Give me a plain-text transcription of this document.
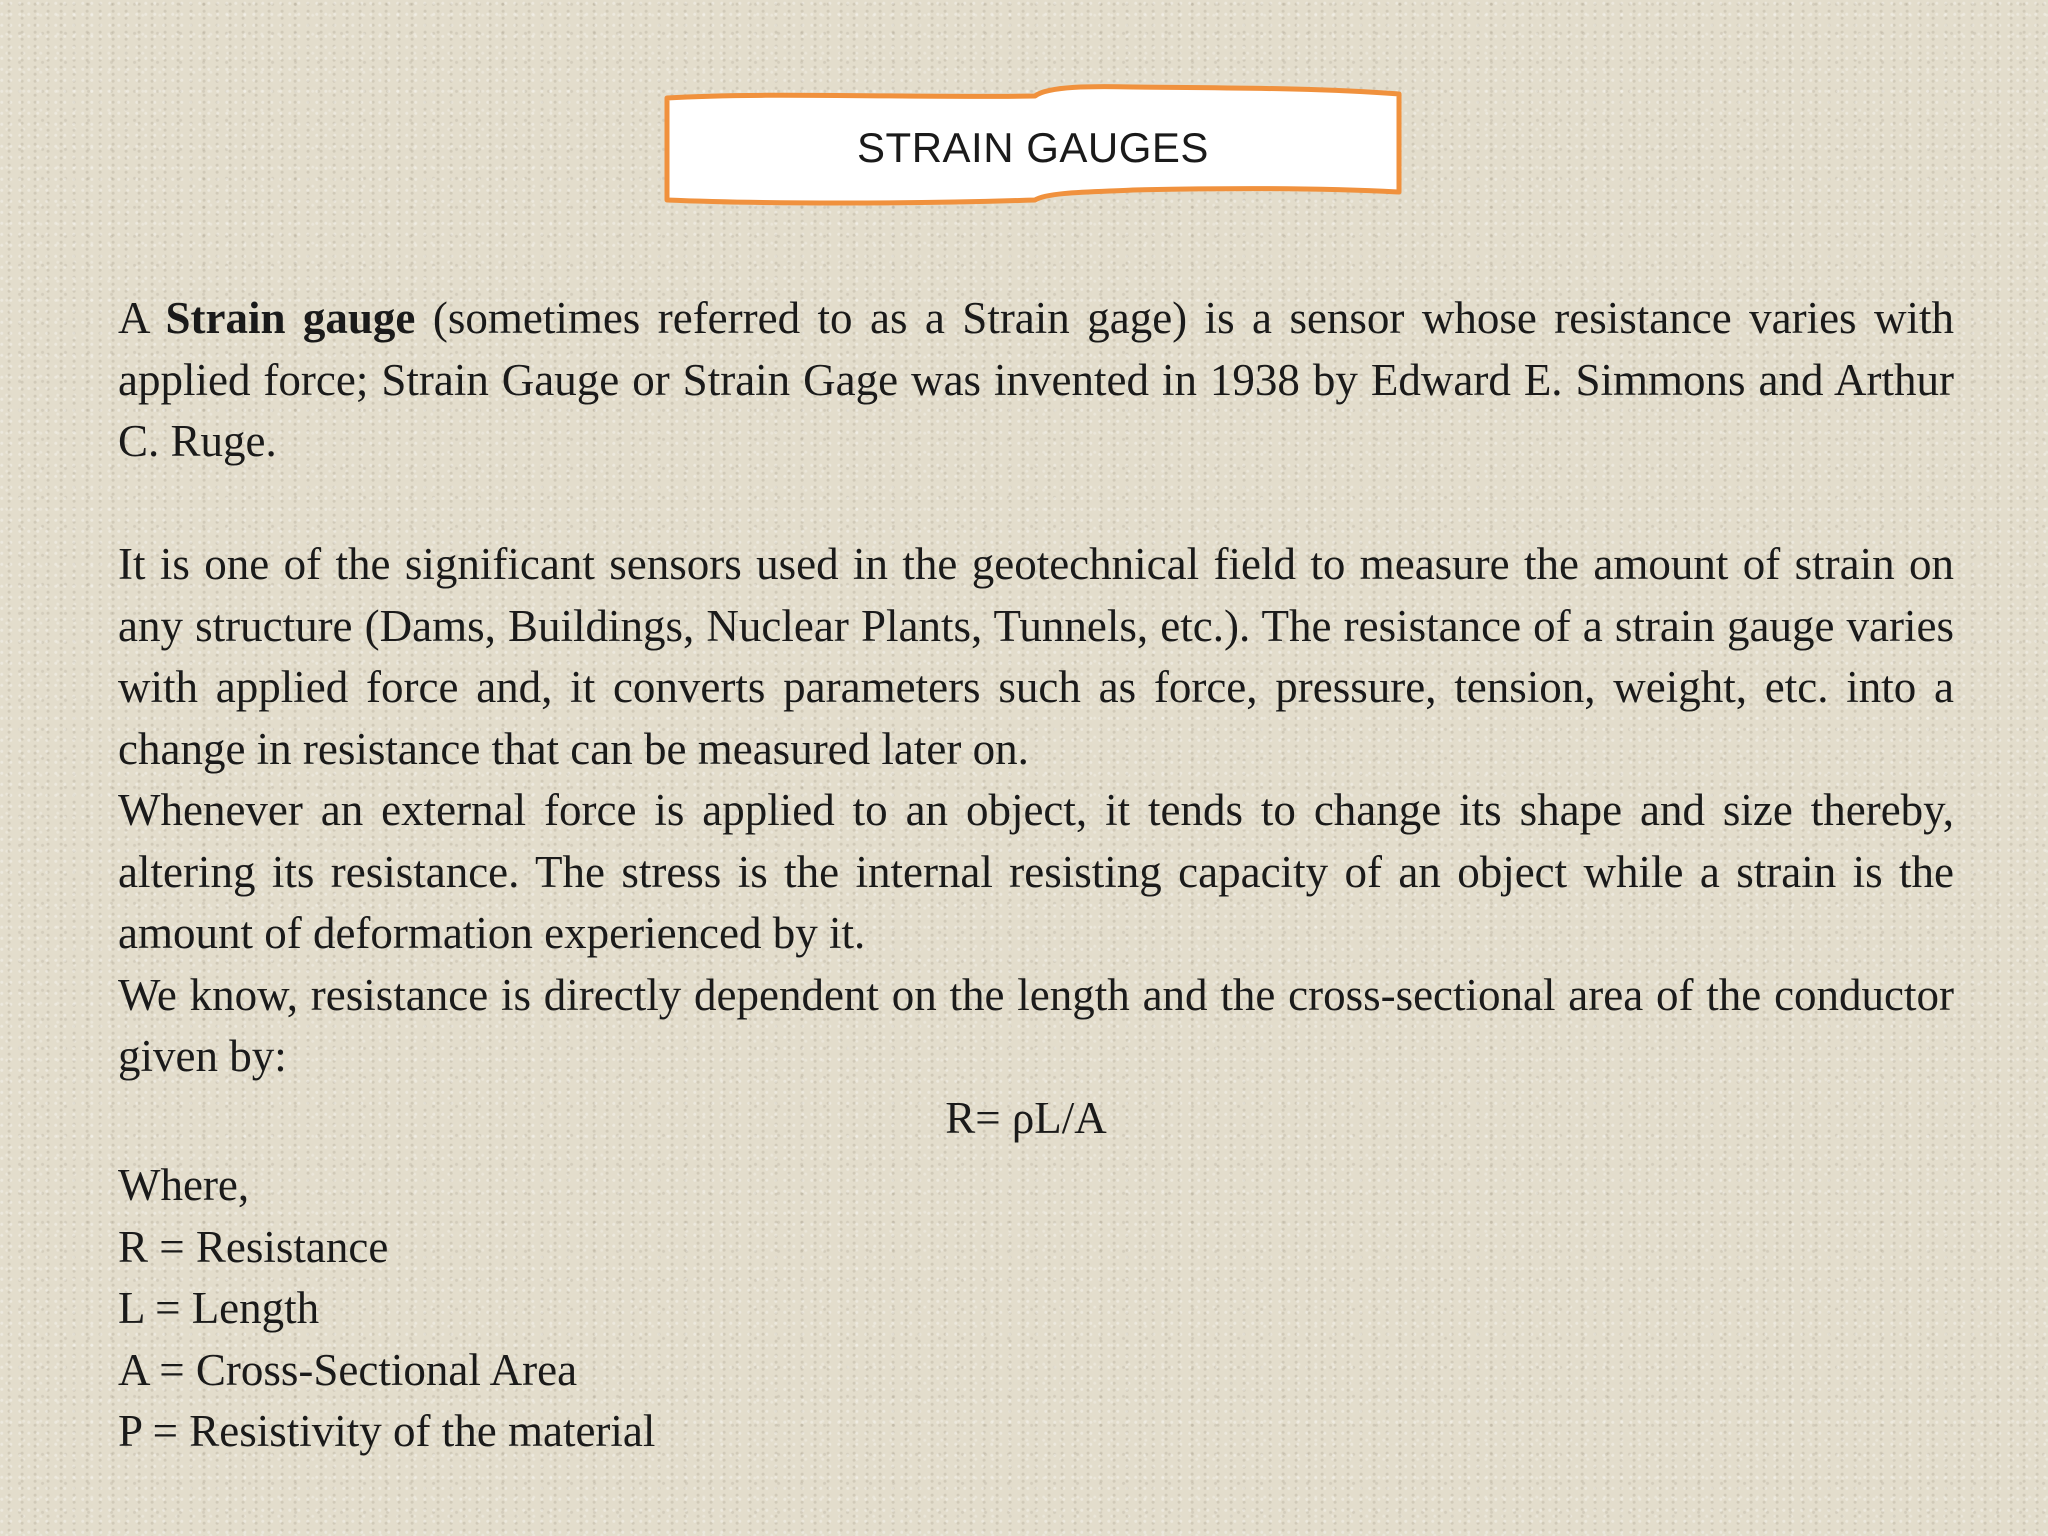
STRAIN GAUGES

A Strain gauge (sometimes referred to as a Strain gage) is a sensor whose resistance varies with applied force; Strain Gauge or Strain Gage was invented in 1938 by Edward E. Simmons and Arthur C. Ruge.

It is one of the significant sensors used in the geotechnical field to measure the amount of strain on any structure (Dams, Buildings, Nuclear Plants, Tunnels, etc.). The resistance of a strain gauge varies with applied force and, it converts parameters such as force, pressure, tension, weight, etc. into a change in resistance that can be measured later on.

Whenever an external force is applied to an object, it tends to change its shape and size thereby, altering its resistance. The stress is the internal resisting capacity of an object while a strain is the amount of deformation experienced by it.

We know, resistance is directly dependent on the length and the cross-sectional area of the conductor given by:

R= ρL/A

Where,

R = Resistance

L = Length

A = Cross-Sectional Area

P = Resistivity of the material
